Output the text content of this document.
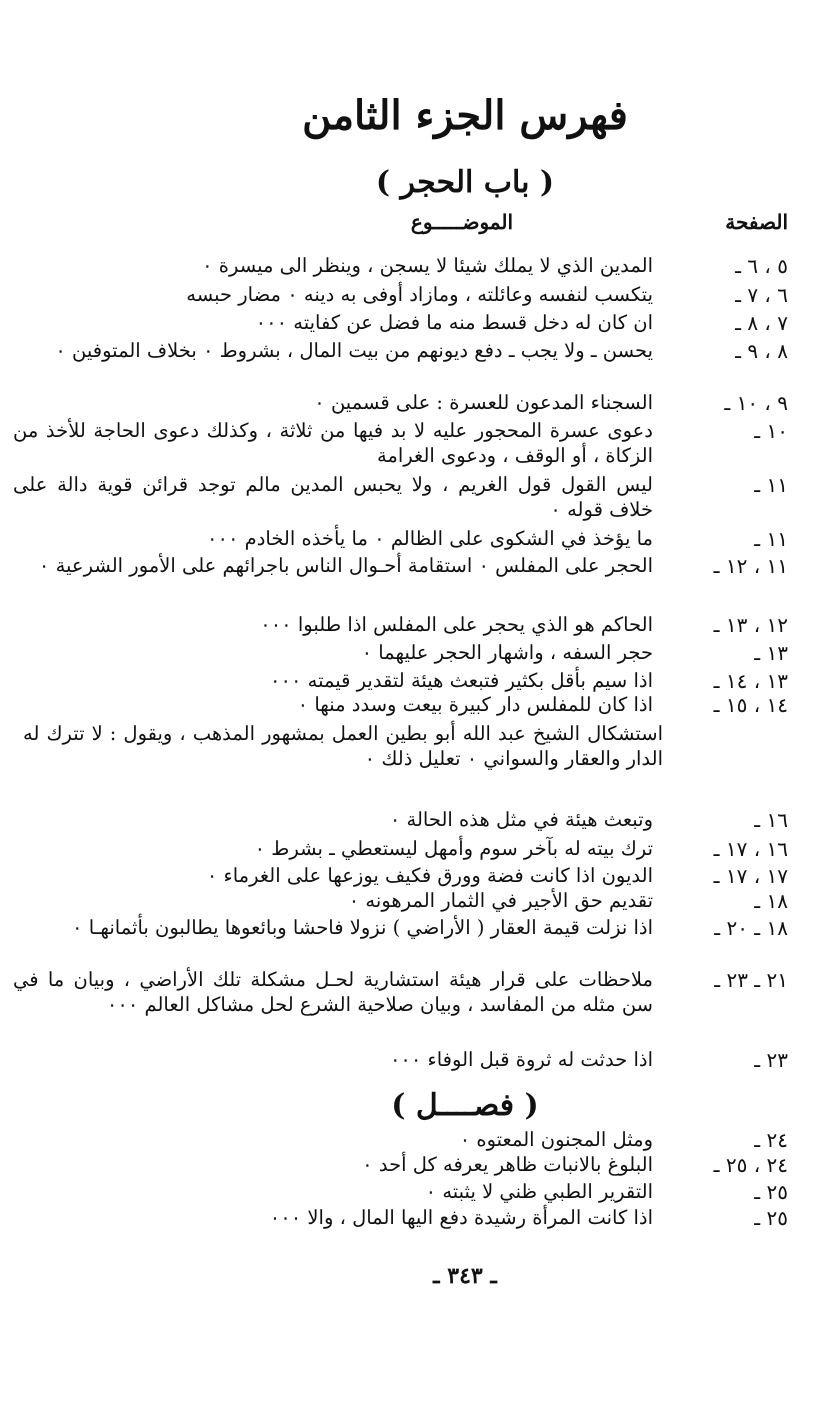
فهرس الجزء الثامن
( باب الحجر )
الصفحة
الموضـــــوع
٥ ، ٦ ـ
المدين الذي لا يملك شيئا لا يسجن ، وينظر الى ميسرة ٠
٦ ، ٧ ـ
يتكسب لنفسه وعائلته ، ومازاد أوفى به دينه ٠ مضار حبسه
٧ ، ٨ ـ
ان كان له دخل قسط منه ما فضل عن كفايته ٠٠٠
٨ ، ٩ ـ
يحسن ـ ولا يجب ـ دفع ديونهم من بيت المال ، بشروط ٠ بخلاف المتوفين ٠
٩ ، ١٠ ـ
السجناء المدعون للعسرة : على قسمين ٠
١٠ ـ
دعوى عسرة المحجور عليه لا بد فيها من ثلاثة ، وكذلك دعوى الحاجة للأخذ من الزكاة ، أو الوقف ، ودعوى الغرامة
١١ ـ
ليس القول قول الغريم ، ولا يحبس المدين مالم توجد قرائن قوية دالة على خلاف قوله ٠
١١ ـ
ما يؤخذ في الشكوى على الظالم ٠ ما يأخذه الخادم ٠٠٠
١١ ، ١٢ ـ
الحجر على المفلس ٠ استقامة أحـوال الناس باجرائهم على الأمور الشرعية ٠
١٢ ، ١٣ ـ
الحاكم هو الذي يحجر على المفلس اذا طلبوا ٠٠٠
١٣ ـ
حجر السفه ، واشهار الحجر عليهما ٠
١٣ ، ١٤ ـ
اذا سيم بأقل بكثير فتبعث هيئة لتقدير قيمته ٠٠٠
١٤ ، ١٥ ـ
اذا كان للمفلس دار كبيرة بيعت وسدد منها ٠
استشكال الشيخ عبد الله أبو بطين العمل بمشهور المذهب ، ويقول : لا تترك له الدار والعقار والسواني ٠ تعليل ذلك ٠
١٦ ـ
وتبعث هيئة في مثل هذه الحالة ٠
١٦ ، ١٧ ـ
ترك بيته له بآخر سوم وأمهل ليستعطي ـ بشرط ٠
١٧ ، ١٧ ـ
الديون اذا كانت فضة وورق فكيف يوزعها على الغرماء ٠
١٨ ـ
تقديم حق الأجير في الثمار المرهونه ٠
١٨ ـ ٢٠ ـ
اذا نزلت قيمة العقار ( الأراضي ) نزولا فاحشا وبائعوها يطالبون بأثمانهـا ٠
٢١ ـ ٢٣ ـ
ملاحظات على قرار هيئة استشارية لحـل مشكلة تلك الأراضي ، وبيان ما في سن مثله من المفاسد ، وبيان صلاحية الشرع لحل مشاكل العالم ٠٠٠
٢٣ ـ
اذا حدثت له ثروة قبل الوفاء ٠٠٠
( فصــــل )
٢٤ ـ
ومثل المجنون المعتوه ٠
٢٤ ، ٢٥ ـ
البلوغ بالانبات ظاهر يعرفه كل أحد ٠
٢٥ ـ
التقرير الطبي ظني لا يثبته ٠
٢٥ ـ
اذا كانت المرأة رشيدة دفع اليها المال ، والا ٠٠٠
ـ ٣٤٣ ـ
